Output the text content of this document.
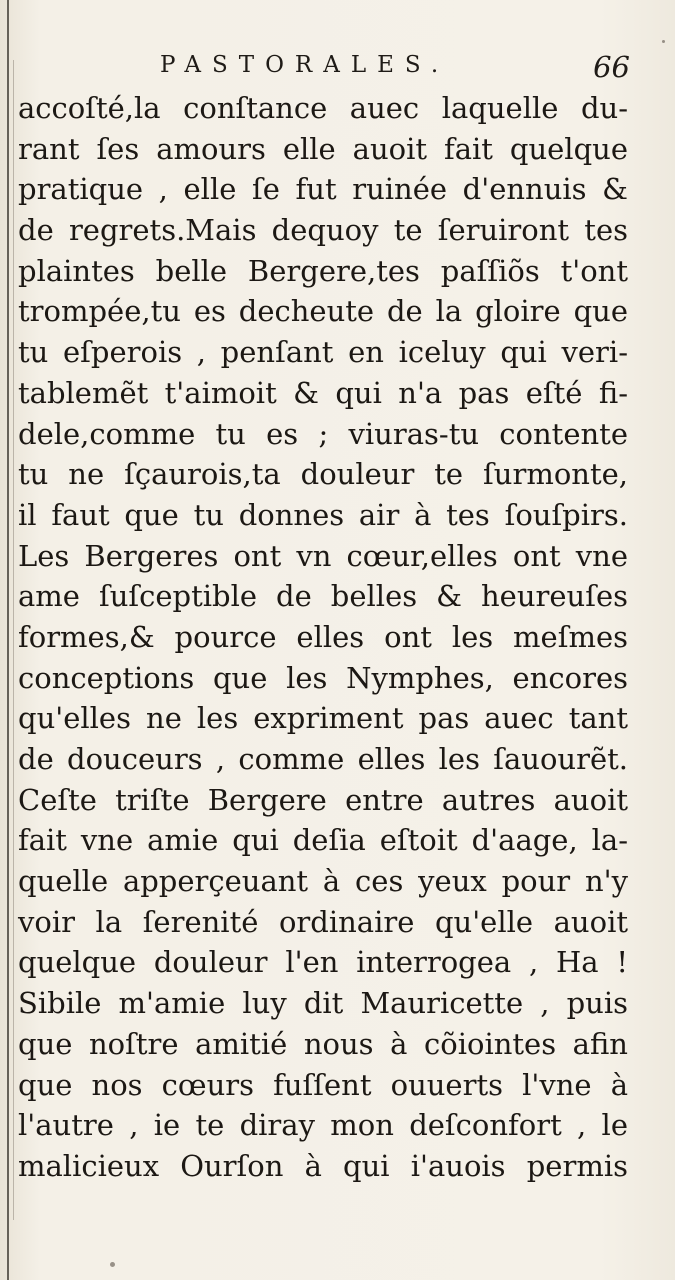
PASTORALES.	66
accoſté,la conſtance auec laquelle du-
rant ſes amours elle auoit fait quelque
pratique , elle ſe fut ruinée d'ennuis &
de regrets.Mais dequoy te ſeruiront tes
plaintes belle Bergere,tes paſſiõs t'ont
trompée,tu es decheute de la gloire que
tu eſperois , penſant en iceluy qui veri-
tablemẽt t'aimoit & qui n'a pas eſté fi-
dele,comme tu es ; viuras-tu contente
tu ne ſçaurois,ta douleur te ſurmonte,
il faut que tu donnes air à tes ſouſpirs.
Les Bergeres ont vn cœur,elles ont vne
ame ſuſceptible de belles & heureuſes
formes,& pource elles ont les meſmes
conceptions que les Nymphes, encores
qu'elles ne les expriment pas auec tant
de douceurs , comme elles les ſauourẽt.
Ceſte triſte Bergere entre autres auoit
fait vne amie qui deſia eſtoit d'aage, la-
quelle apperçeuant à ces yeux pour n'y
voir la ſerenité ordinaire qu'elle auoit
quelque douleur l'en interrogea , Ha !
Sibile m'amie luy dit Mauricette , puis
que noſtre amitié nous à cõiointes afin
que nos cœurs fuſſent ouuerts l'vne à
l'autre , ie te diray mon deſconfort , le
malicieux Ourſon à qui i'auois permis
